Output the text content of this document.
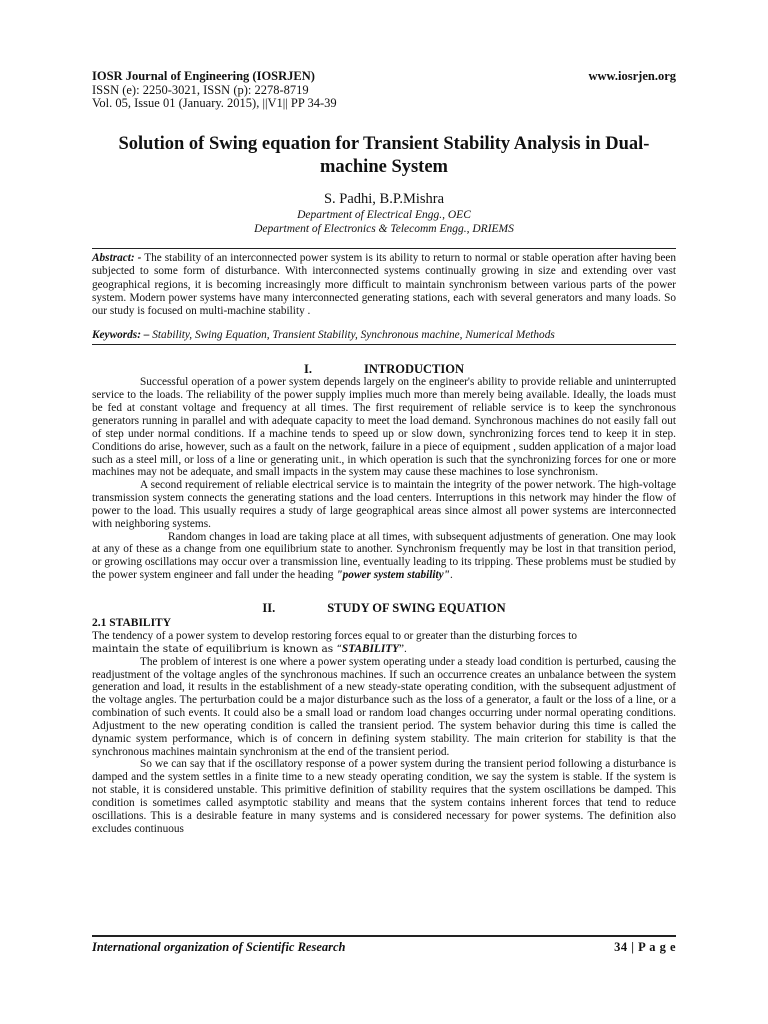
IOSR Journal of Engineering (IOSRJEN)	www.iosrjen.org
ISSN (e): 2250-3021, ISSN (p): 2278-8719
Vol. 05, Issue 01 (January. 2015), ||V1|| PP 34-39
Solution of Swing equation for Transient Stability Analysis in Dual-machine System
S. Padhi, B.P.Mishra
Department of Electrical Engg., OEC
Department of Electronics & Telecomm Engg., DRIEMS
Abstract: - The stability of an interconnected power system is its ability to return to normal or stable operation after having been subjected to some form of disturbance. With interconnected systems continually growing in size and extending over vast geographical regions, it is becoming increasingly more difficult to maintain synchronism between various parts of the power system. Modern power systems have many interconnected generating stations, each with several generators and many loads. So our study is focused on multi-machine stability .
Keywords: – Stability, Swing Equation, Transient Stability, Synchronous machine, Numerical Methods
I.	INTRODUCTION

Successful operation of a power system depends largely on the engineer's ability to provide reliable and uninterrupted service to the loads. The reliability of the power supply implies much more than merely being available. Ideally, the loads must be fed at constant voltage and frequency at all times. The first requirement of reliable service is to keep the synchronous generators running in parallel and with adequate capacity to meet the load demand. Synchronous machines do not easily fall out of step under normal conditions. If a machine tends to speed up or slow down, synchronizing forces tend to keep it in step. Conditions do arise, however, such as a fault on the network, failure in a piece of equipment , sudden application of a major load such as a steel mill, or loss of a line or generating unit., in which operation is such that the synchronizing forces for one or more machines may not be adequate, and small impacts in the system may cause these machines to lose synchronism.

A second requirement of reliable electrical service is to maintain the integrity of the power network. The high-voltage transmission system connects the generating stations and the load centers. Interruptions in this network may hinder the flow of power to the load. This usually requires a study of large geographical areas since almost all power systems are interconnected with neighboring systems.

Random changes in load are taking place at all times, with subsequent adjustments of generation. One may look at any of these as a change from one equilibrium state to another. Synchronism frequently may be lost in that transition period, or growing oscillations may occur over a transmission line, eventually leading to its tripping. These problems must be studied by the power system engineer and fall under the heading "power system stability".

II.	STUDY OF SWING EQUATION
2.1 STABILITY

The tendency of a power system to develop restoring forces equal to or greater than the disturbing forces to

maintain the state of equilibrium is known as “STABILITY”.

The problem of interest is one where a power system operating under a steady load condition is perturbed, causing the readjustment of the voltage angles of the synchronous machines. If such an occurrence creates an unbalance between the system generation and load, it results in the establishment of a new steady-state operating condition, with the subsequent adjustment of the voltage angles. The perturbation could be a major disturbance such as the loss of a generator, a fault or the loss of a line, or a combination of such events. It could also be a small load or random load changes occurring under normal operating conditions. Adjustment to the new operating condition is called the transient period. The system behavior during this time is called the dynamic system performance, which is of concern in defining system stability. The main criterion for stability is that the synchronous machines maintain synchronism at the end of the transient period.

So we can say that if the oscillatory response of a power system during the transient period following a disturbance is damped and the system settles in a finite time to a new steady operating condition, we say the system is stable. If the system is not stable, it is considered unstable. This primitive definition of stability requires that the system oscillations be damped. This condition is sometimes called asymptotic stability and means that the system contains inherent forces that tend to reduce oscillations. This is a desirable feature in many systems and is considered necessary for power systems. The definition also excludes continuous

International organization of Scientific Research	34 | P a g e
